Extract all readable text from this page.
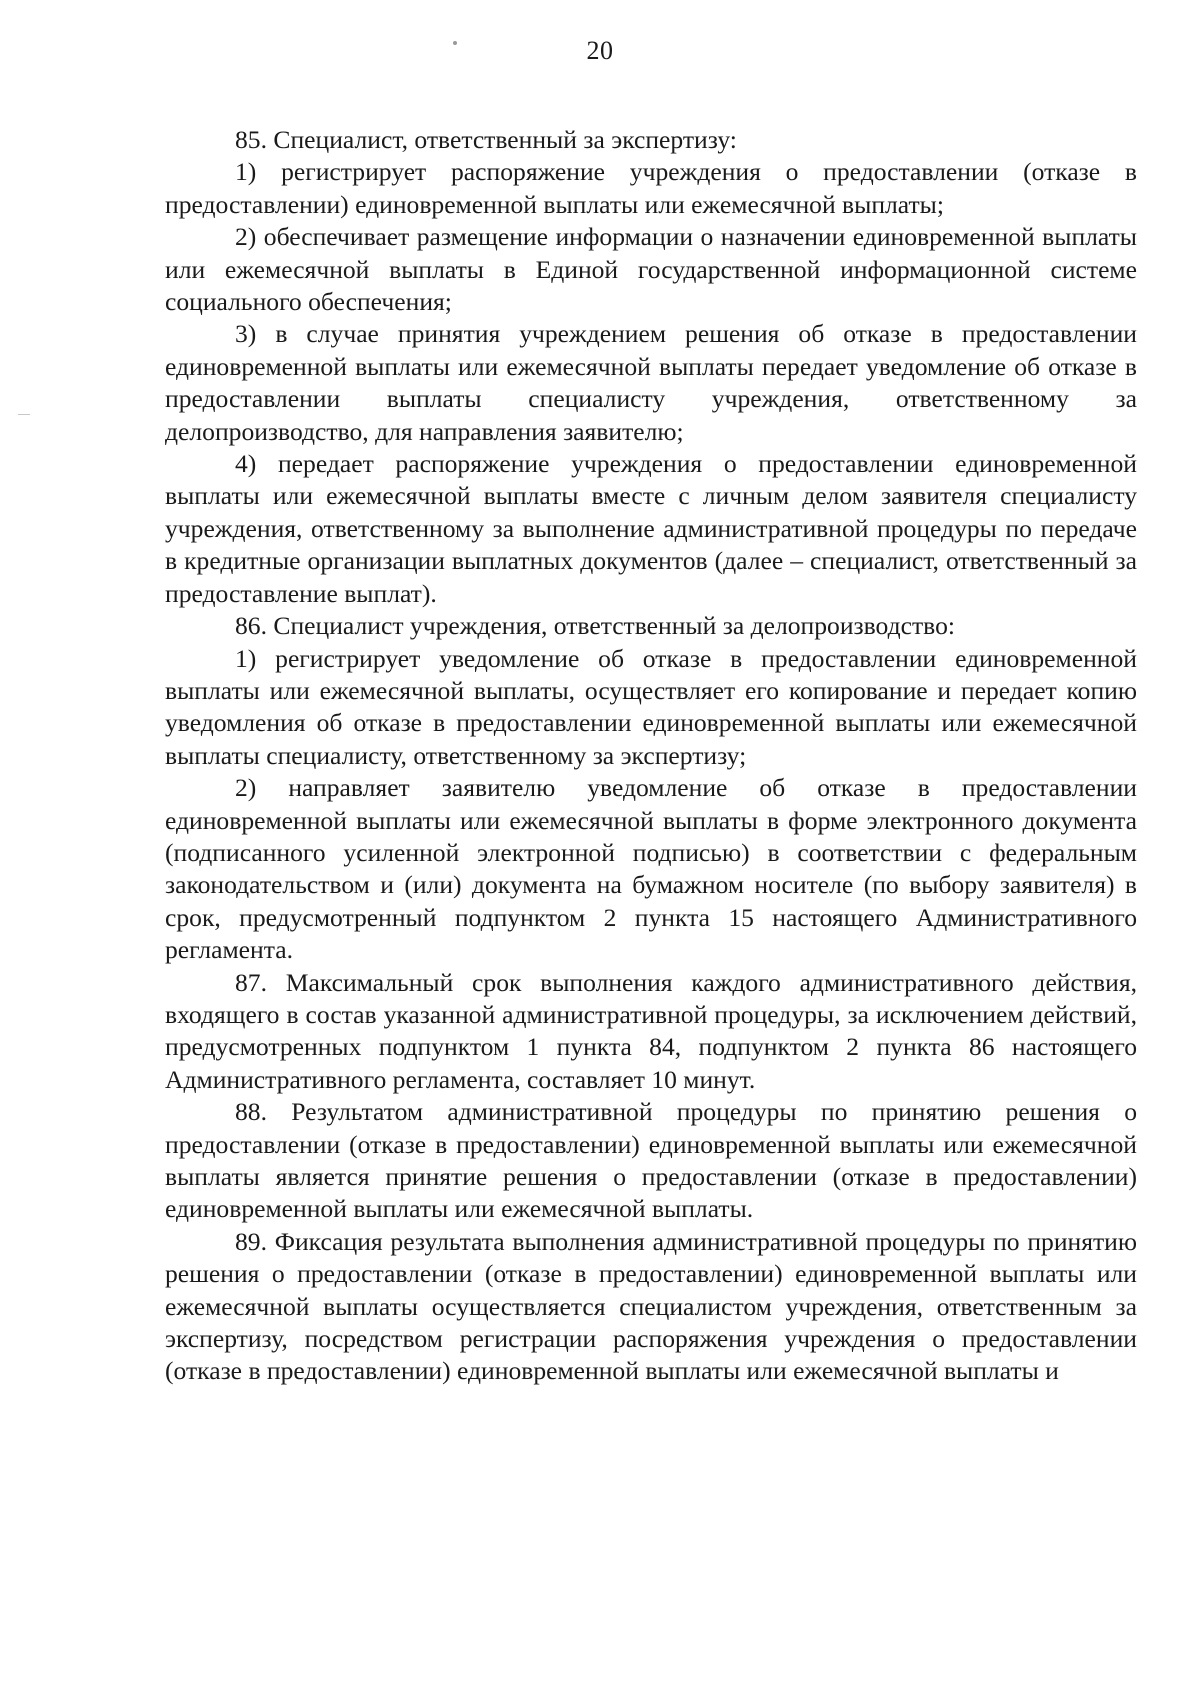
20

85. Специалист, ответственный за экспертизу:

1) регистрирует распоряжение учреждения о предоставлении (отказе в предоставлении) единовременной выплаты или ежемесячной выплаты;

2) обеспечивает размещение информации о назначении единовременной выплаты или ежемесячной выплаты в Единой государственной информационной системе социального обеспечения;

3) в случае принятия учреждением решения об отказе в предоставлении единовременной выплаты или ежемесячной выплаты передает уведомление об отказе в предоставлении выплаты специалисту учреждения, ответственному за делопроизводство, для направления заявителю;

4) передает распоряжение учреждения о предоставлении единовременной выплаты или ежемесячной выплаты вместе с личным делом заявителя специалисту учреждения, ответственному за выполнение административной процедуры по передаче в кредитные организации выплатных документов (далее – специалист, ответственный за предоставление выплат).

86. Специалист учреждения, ответственный за делопроизводство:

1) регистрирует уведомление об отказе в предоставлении единовременной выплаты или ежемесячной выплаты, осуществляет его копирование и передает копию уведомления об отказе в предоставлении единовременной выплаты или ежемесячной выплаты специалисту, ответственному за экспертизу;

2) направляет заявителю уведомление об отказе в предоставлении единовременной выплаты или ежемесячной выплаты в форме электронного документа (подписанного усиленной электронной подписью) в соответствии с федеральным законодательством и (или) документа на бумажном носителе (по выбору заявителя) в срок, предусмотренный подпунктом 2 пункта 15 настоящего Административного регламента.

87. Максимальный срок выполнения каждого административного действия, входящего в состав указанной административной процедуры, за исключением действий, предусмотренных подпунктом 1 пункта 84, подпунктом 2 пункта 86 настоящего Административного регламента, составляет 10 минут.

88. Результатом административной процедуры по принятию решения о предоставлении (отказе в предоставлении) единовременной выплаты или ежемесячной выплаты является принятие решения о предоставлении (отказе в предоставлении) единовременной выплаты или ежемесячной выплаты.

89. Фиксация результата выполнения административной процедуры по принятию решения о предоставлении (отказе в предоставлении) единовременной выплаты или ежемесячной выплаты осуществляется специалистом учреждения, ответственным за экспертизу, посредством регистрации распоряжения учреждения о предоставлении (отказе в предоставлении) единовременной выплаты или ежемесячной выплаты и
